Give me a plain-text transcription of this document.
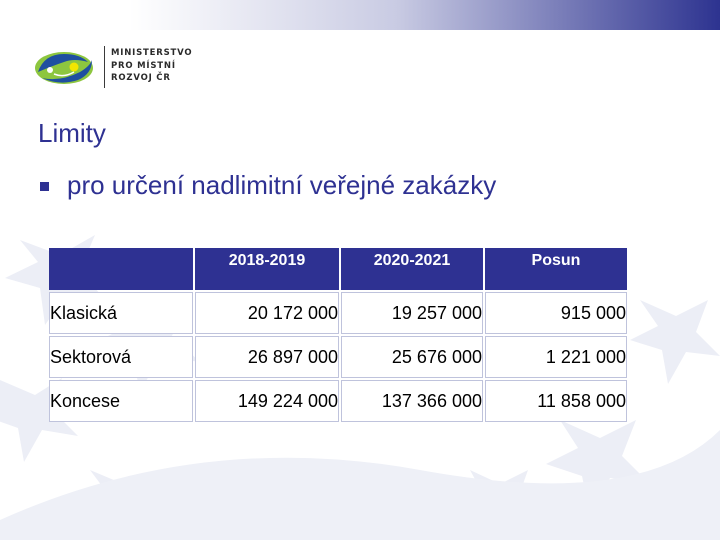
MINISTERSTVO
PRO MÍSTNÍ
ROZVOJ ČR
Limity
pro určení nadlimitní veřejné zakázky
	2018-2019	2020-2021	Posun
Klasická	20 172 000	19 257 000	915 000
Sektorová	26 897 000	25 676 000	1 221 000
Koncese	149 224 000	137 366 000	11 858 000
